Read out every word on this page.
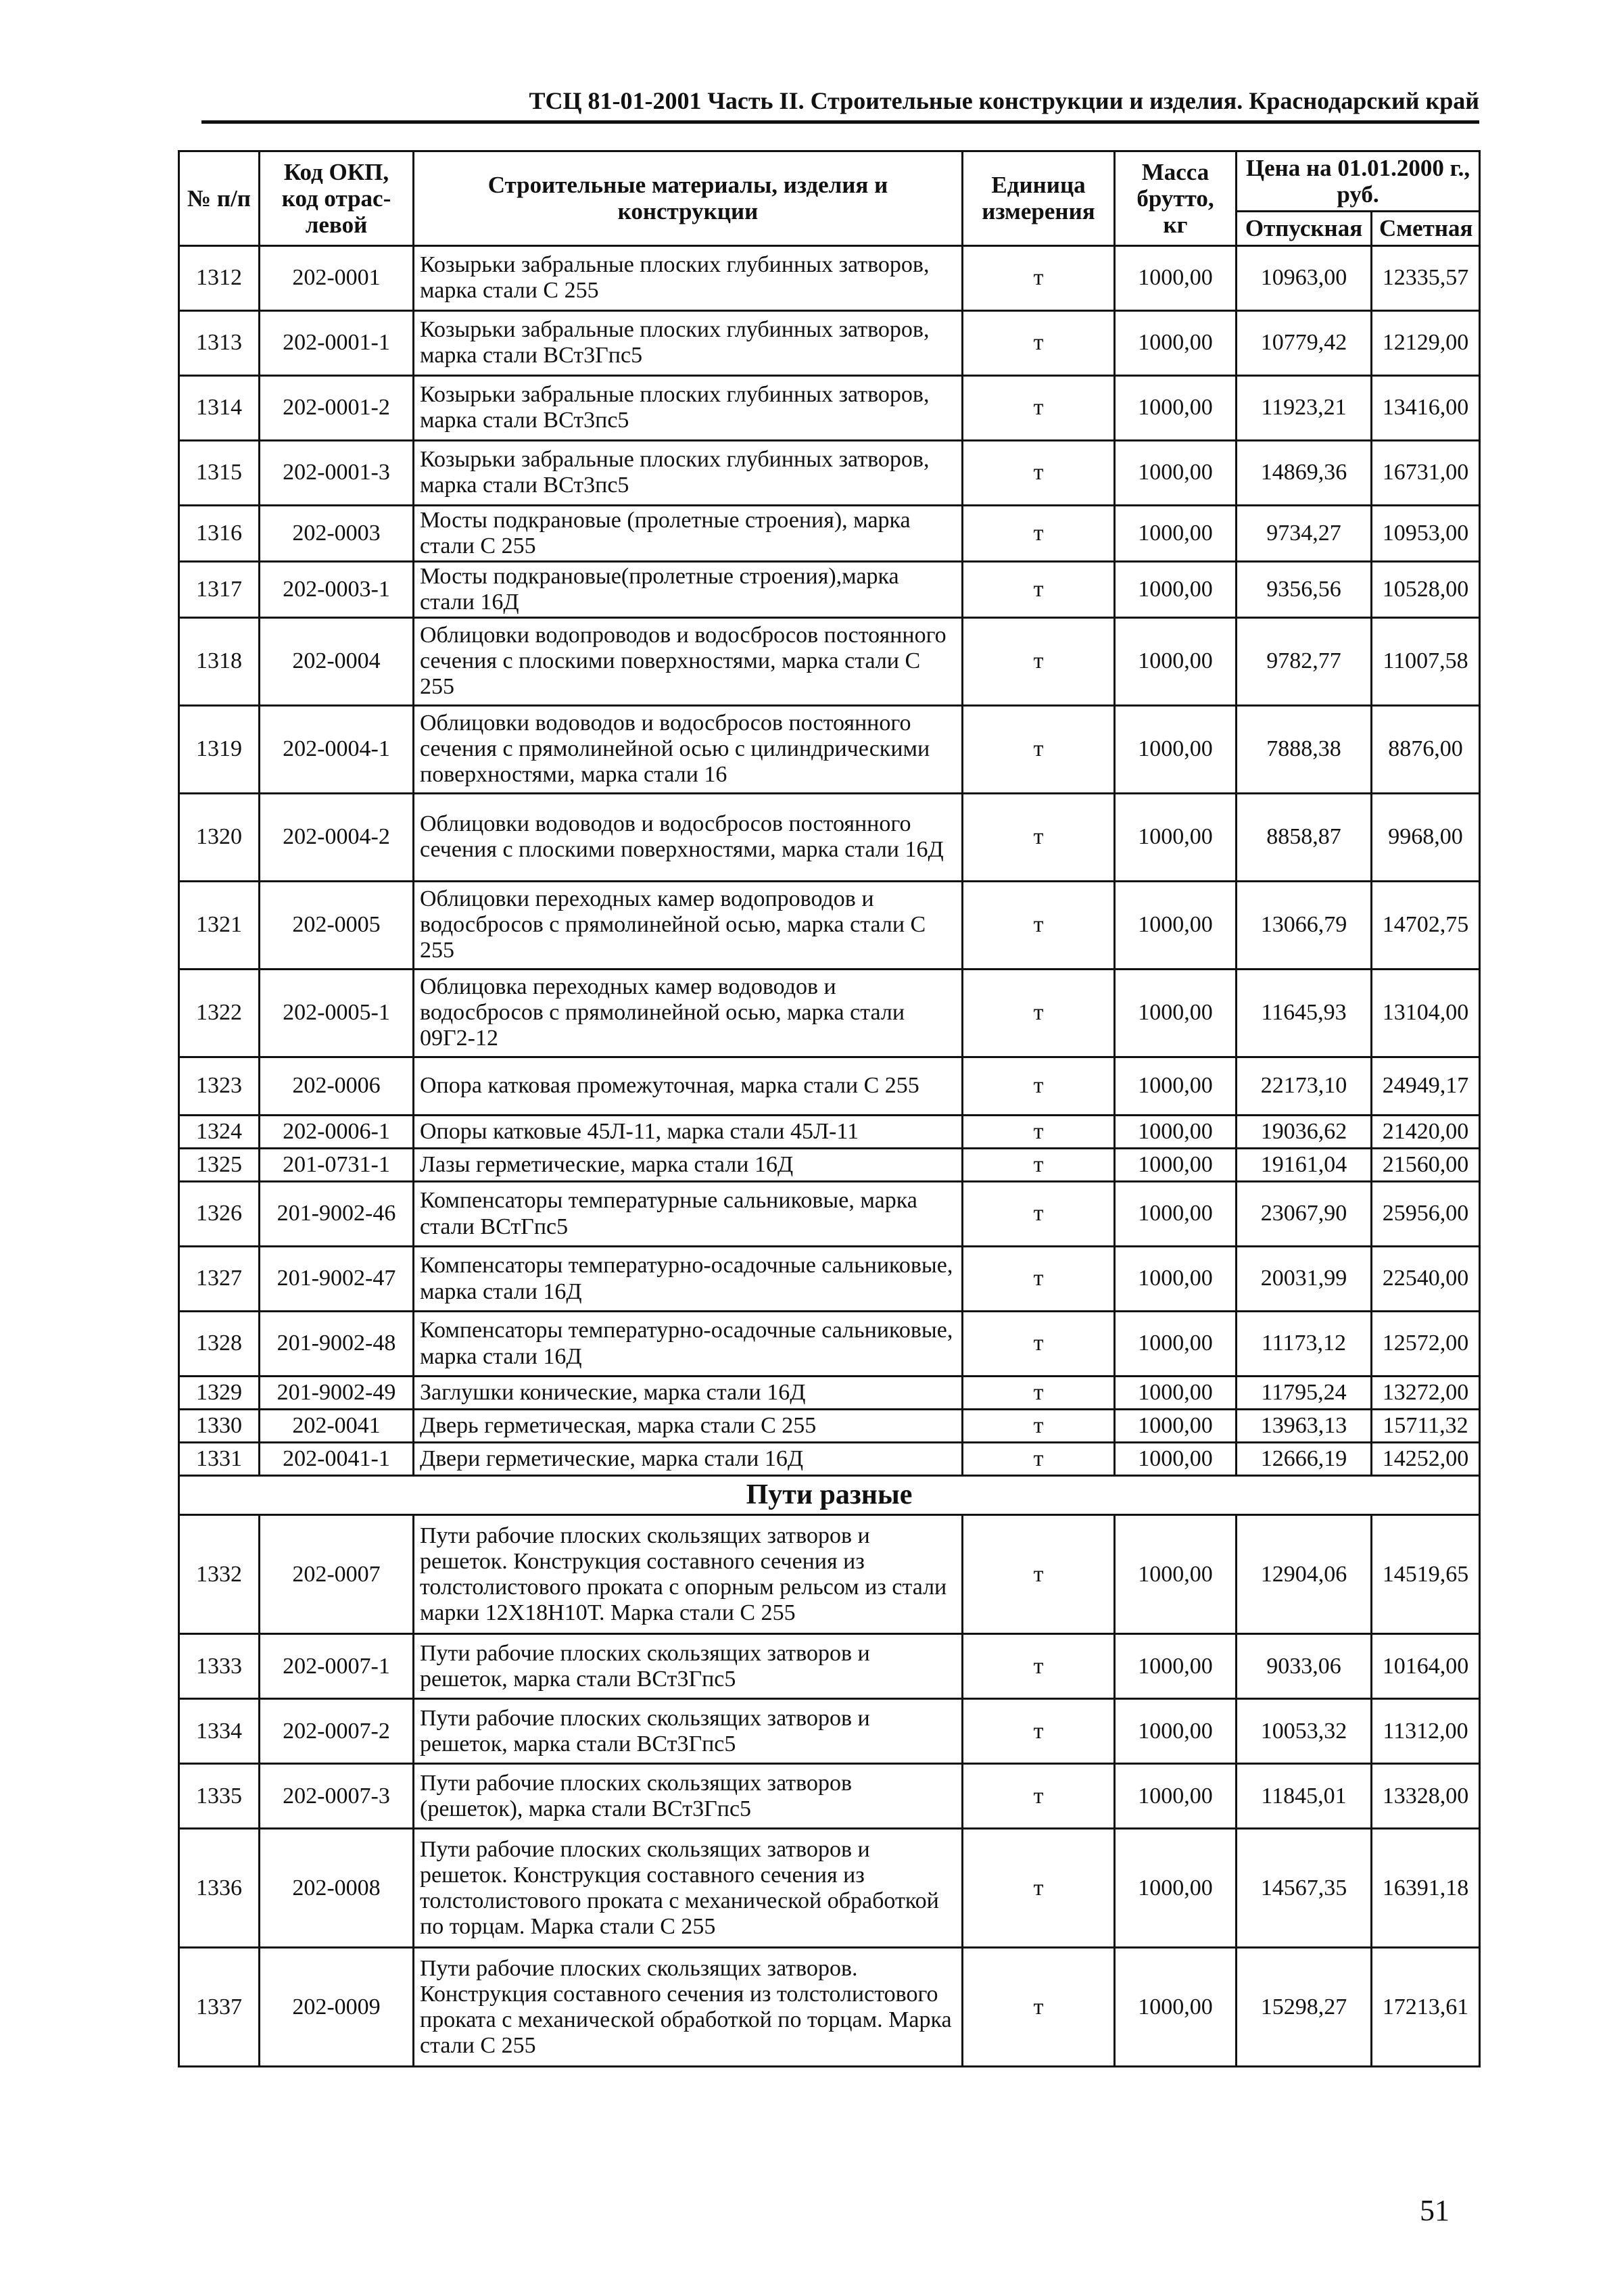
ТСЦ 81-01-2001 Часть II. Строительные конструкции и изделия. Краснодарский край
№ п/п	Код ОКП, код отрас-левой	Строительные материалы, изделия и конструкции	Единица измерения	Масса брутто, кг	Цена на 01.01.2000 г., руб.	
					Отпускная	Сметная
1312	202-0001	Козырьки забральные плоских глубинных затворов, марка стали С 255	т	1000,00	10963,00	12335,57
1313	202-0001-1	Козырьки забральные плоских глубинных затворов, марка стали ВСт3Гпс5	т	1000,00	10779,42	12129,00
1314	202-0001-2	Козырьки забральные плоских глубинных затворов, марка стали ВСт3пс5	т	1000,00	11923,21	13416,00
1315	202-0001-3	Козырьки забральные плоских глубинных затворов, марка стали ВСт3пс5	т	1000,00	14869,36	16731,00
1316	202-0003	Мосты подкрановые (пролетные строения), марка стали С 255	т	1000,00	9734,27	10953,00
1317	202-0003-1	Мосты подкрановые(пролетные строения),марка стали 16Д	т	1000,00	9356,56	10528,00
1318	202-0004	Облицовки водопроводов и водосбросов постоянного сечения с плоскими поверхностями, марка стали С 255	т	1000,00	9782,77	11007,58
1319	202-0004-1	Облицовки водоводов и водосбросов постоянного сечения с прямолинейной осью с цилиндрическими поверхностями, марка стали 16	т	1000,00	7888,38	8876,00
1320	202-0004-2	Облицовки водоводов и водосбросов постоянного сечения с плоскими поверхностями, марка стали 16Д	т	1000,00	8858,87	9968,00
1321	202-0005	Облицовки переходных камер водопроводов и водосбросов с прямолинейной осью, марка стали С 255	т	1000,00	13066,79	14702,75
1322	202-0005-1	Облицовка переходных камер водоводов и водосбросов с прямолинейной осью, марка стали 09Г2-12	т	1000,00	11645,93	13104,00
1323	202-0006	Опора катковая промежуточная, марка стали С 255	т	1000,00	22173,10	24949,17
1324	202-0006-1	Опоры катковые 45Л-11, марка стали 45Л-11	т	1000,00	19036,62	21420,00
1325	201-0731-1	Лазы герметические, марка стали 16Д	т	1000,00	19161,04	21560,00
1326	201-9002-46	Компенсаторы температурные сальниковые, марка стали ВСтГпс5	т	1000,00	23067,90	25956,00
1327	201-9002-47	Компенсаторы температурно-осадочные сальниковые, марка стали 16Д	т	1000,00	20031,99	22540,00
1328	201-9002-48	Компенсаторы температурно-осадочные сальниковые, марка стали 16Д	т	1000,00	11173,12	12572,00
1329	201-9002-49	Заглушки конические, марка стали 16Д	т	1000,00	11795,24	13272,00
1330	202-0041	Дверь герметическая, марка стали С 255	т	1000,00	13963,13	15711,32
1331	202-0041-1	Двери герметические, марка стали 16Д	т	1000,00	12666,19	14252,00
Пути разные						
1332	202-0007	Пути рабочие плоских скользящих затворов и решеток. Конструкция составного сечения из толстолистового проката с опорным рельсом из стали марки 12Х18Н10Т. Марка стали С 255	т	1000,00	12904,06	14519,65
1333	202-0007-1	Пути рабочие плоских скользящих затворов и решеток, марка стали ВСт3Гпс5	т	1000,00	9033,06	10164,00
1334	202-0007-2	Пути рабочие плоских скользящих затворов и решеток, марка стали ВСт3Гпс5	т	1000,00	10053,32	11312,00
1335	202-0007-3	Пути рабочие плоских скользящих затворов (решеток), марка стали ВСт3Гпс5	т	1000,00	11845,01	13328,00
1336	202-0008	Пути рабочие плоских скользящих затворов и решеток. Конструкция составного сечения из толстолистового проката с механической обработкой по торцам. Марка стали С 255	т	1000,00	14567,35	16391,18
1337	202-0009	Пути рабочие плоских скользящих затворов. Конструкция составного сечения из толстолистового проката с механической обработкой по торцам. Марка стали С 255	т	1000,00	15298,27	17213,61
51
